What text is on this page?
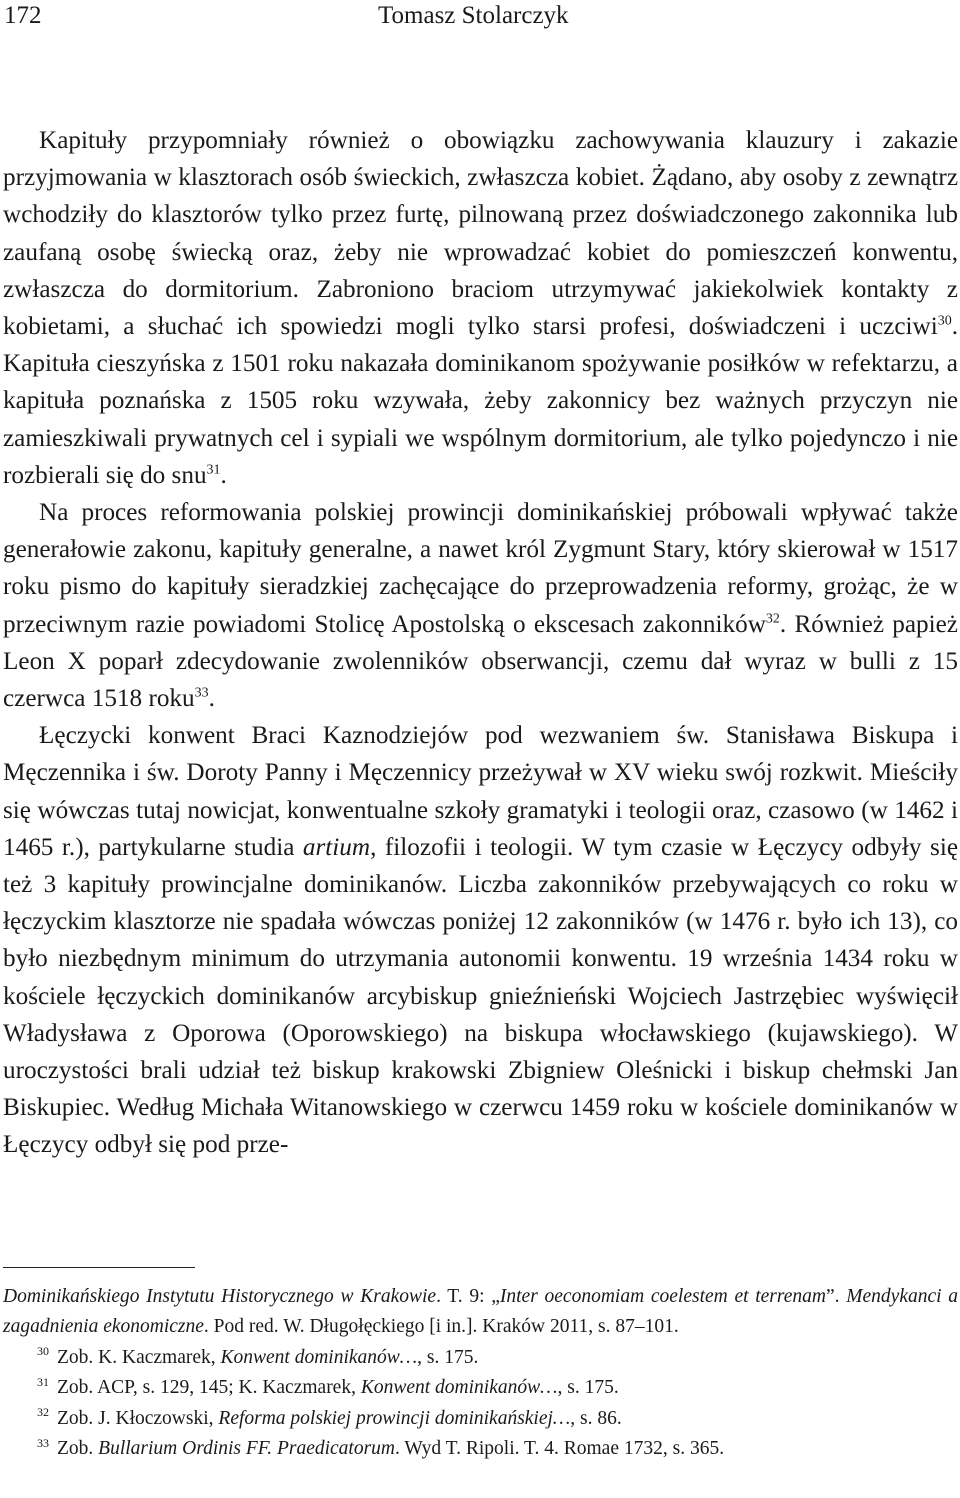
172	Tomasz Stolarczyk

Kapituły przypomniały również o obowiązku zachowywania klauzury i zakazie przyjmowania w klasztorach osób świeckich, zwłaszcza kobiet. Żądano, aby osoby z zewnątrz wchodziły do klasztorów tylko przez furtę, pilnowaną przez doświadczonego zakonnika lub zaufaną osobę świecką oraz, żeby nie wprowadzać kobiet do pomieszczeń konwentu, zwłaszcza do dormitorium. Zabroniono braciom utrzymywać jakiekolwiek kontakty z kobietami, a słuchać ich spowiedzi mogli tylko starsi profesi, doświadczeni i uczciwi$^{30}$. Kapituła cieszyńska z 1501 roku nakazała dominikanom spożywanie posiłków w refektarzu, a kapituła poznańska z 1505 roku wzywała, żeby zakonnicy bez ważnych przyczyn nie zamieszkiwali prywatnych cel i sypiali we wspólnym dormitorium, ale tylko pojedynczo i nie rozbierali się do snu$^{31}$.

Na proces reformowania polskiej prowincji dominikańskiej próbowali wpływać także generałowie zakonu, kapituły generalne, a nawet król Zygmunt Stary, który skierował w 1517 roku pismo do kapituły sieradzkiej zachęcające do przeprowadzenia reformy, grożąc, że w przeciwnym razie powiadomi Stolicę Apostolską o ekscesach zakonników$^{32}$. Również papież Leon X poparł zdecydowanie zwolenników obserwancji, czemu dał wyraz w bulli z 15 czerwca 1518 roku$^{33}$.

Łęczycki konwent Braci Kaznodziejów pod wezwaniem św. Stanisława Biskupa i Męczennika i św. Doroty Panny i Męczennicy przeżywał w XV wieku swój rozkwit. Mieściły się wówczas tutaj nowicjat, konwentualne szkoły gramatyki i teologii oraz, czasowo (w 1462 i 1465 r.), partykularne studia artium, filozofii i teologii. W tym czasie w Łęczycy odbyły się też 3 kapituły prowincjalne dominikanów. Liczba zakonników przebywających co roku w łęczyckim klasztorze nie spadała wówczas poniżej 12 zakonników (w 1476 r. było ich 13), co było niezbędnym minimum do utrzymania autonomii konwentu. 19 września 1434 roku w kościele łęczyckich dominikanów arcybiskup gnieźnieński Wojciech Jastrzębiec wyświęcił Władysława z Oporowa (Oporowskiego) na biskupa włocławskiego (kujawskiego). W uroczystości brali udział też biskup krakowski Zbigniew Oleśnicki i biskup chełmski Jan Biskupiec. Według Michała Witanowskiego w czerwcu 1459 roku w kościele dominikanów w Łęczycy odbył się pod prze-

Dominikańskiego Instytutu Historycznego w Krakowie. T. 9: „Inter oeconomiam coelestem et terrenam”. Mendykanci a zagadnienia ekonomiczne. Pod red. W. Długołęckiego [i in.]. Kraków 2011, s. 87–101.

$^{30}$ Zob. K. Kaczmarek, Konwent dominikanów…, s. 175.

$^{31}$ Zob. ACP, s. 129, 145; K. Kaczmarek, Konwent dominikanów…, s. 175.

$^{32}$ Zob. J. Kłoczowski, Reforma polskiej prowincji dominikańskiej…, s. 86.

$^{33}$ Zob. Bullarium Ordinis FF. Praedicatorum. Wyd T. Ripoli. T. 4. Romae 1732, s. 365.
